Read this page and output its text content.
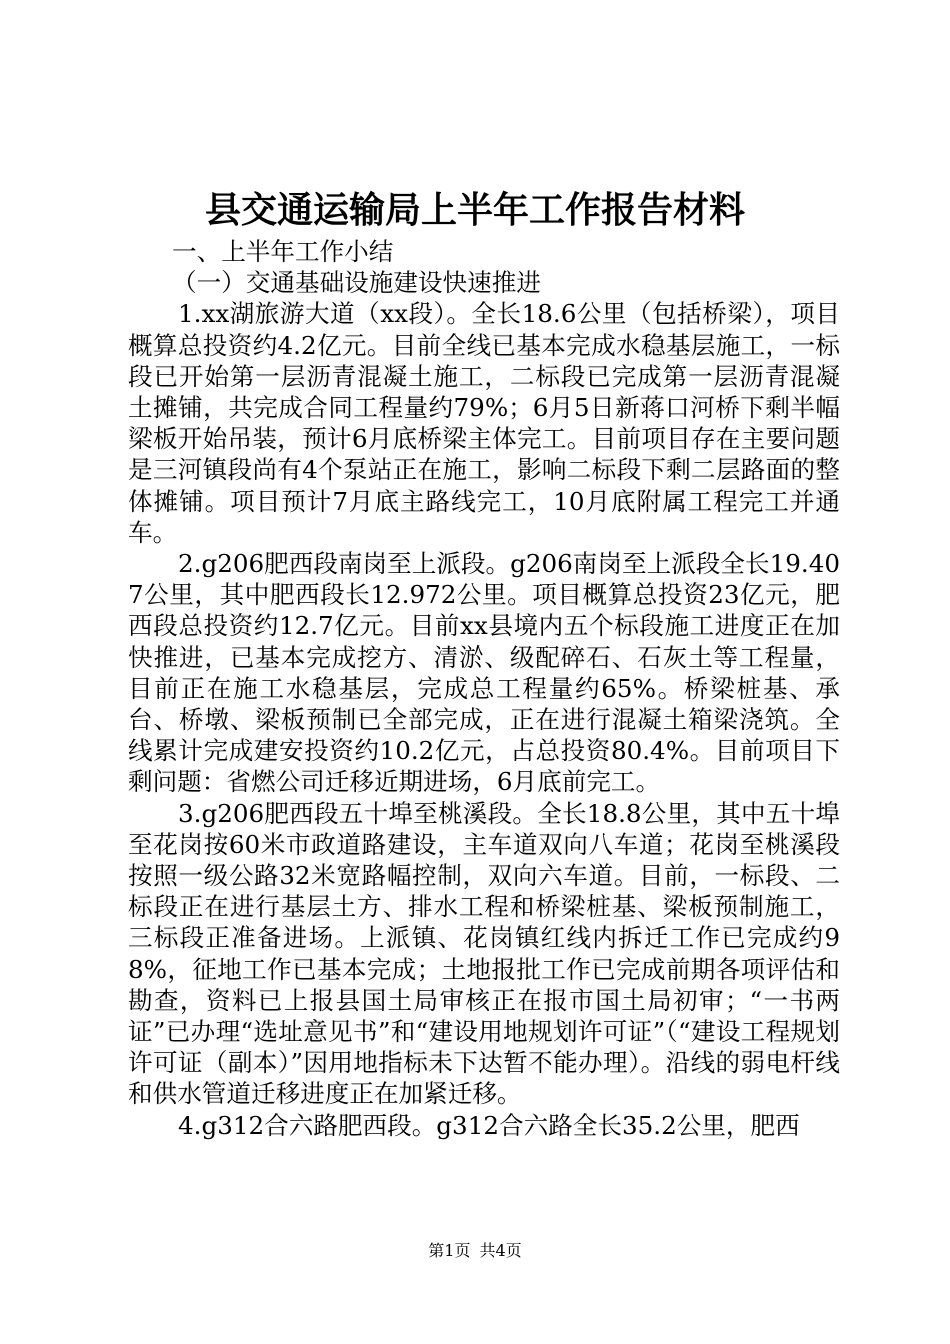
县交通运输局上半年工作报告材料

一、上半年工作小结

（一）交通基础设施建设快速推进

1.xx湖旅游大道（xx段）。全长18.6公里（包括桥梁），项目概算总投资约4.2亿元。目前全线已基本完成水稳基层施工，一标段已开始第一层沥青混凝土施工，二标段已完成第一层沥青混凝土摊铺，共完成合同工程量约79%；6月5日新蒋口河桥下剩半幅梁板开始吊装，预计6月底桥梁主体完工。目前项目存在主要问题是三河镇段尚有4个泵站正在施工，影响二标段下剩二层路面的整体摊铺。项目预计7月底主路线完工，10月底附属工程完工并通车。

2.g206肥西段南岗至上派段。g206南岗至上派段全长19.407公里，其中肥西段长12.972公里。项目概算总投资23亿元，肥西段总投资约12.7亿元。目前xx县境内五个标段施工进度正在加快推进，已基本完成挖方、清淤、级配碎石、石灰土等工程量，目前正在施工水稳基层，完成总工程量约65%。桥梁桩基、承台、桥墩、梁板预制已全部完成，正在进行混凝土箱梁浇筑。全线累计完成建安投资约10.2亿元，占总投资80.4%。目前项目下剩问题：省燃公司迁移近期进场，6月底前完工。

3.g206肥西段五十埠至桃溪段。全长18.8公里，其中五十埠至花岗按60米市政道路建设，主车道双向八车道；花岗至桃溪段按照一级公路32米宽路幅控制，双向六车道。目前，一标段、二标段正在进行基层土方、排水工程和桥梁桩基、梁板预制施工，三标段正准备进场。上派镇、花岗镇红线内拆迁工作已完成约98%，征地工作已基本完成；土地报批工作已完成前期各项评估和勘查，资料已上报县国土局审核正在报市国土局初审；“一书两证”已办理“选址意见书”和“建设用地规划许可证”（“建设工程规划许可证（副本）”因用地指标未下达暂不能办理）。沿线的弱电杆线和供水管道迁移进度正在加紧迁移。

4.g312合六路肥西段。g312合六路全长35.2公里，肥西

第1页 共4页
